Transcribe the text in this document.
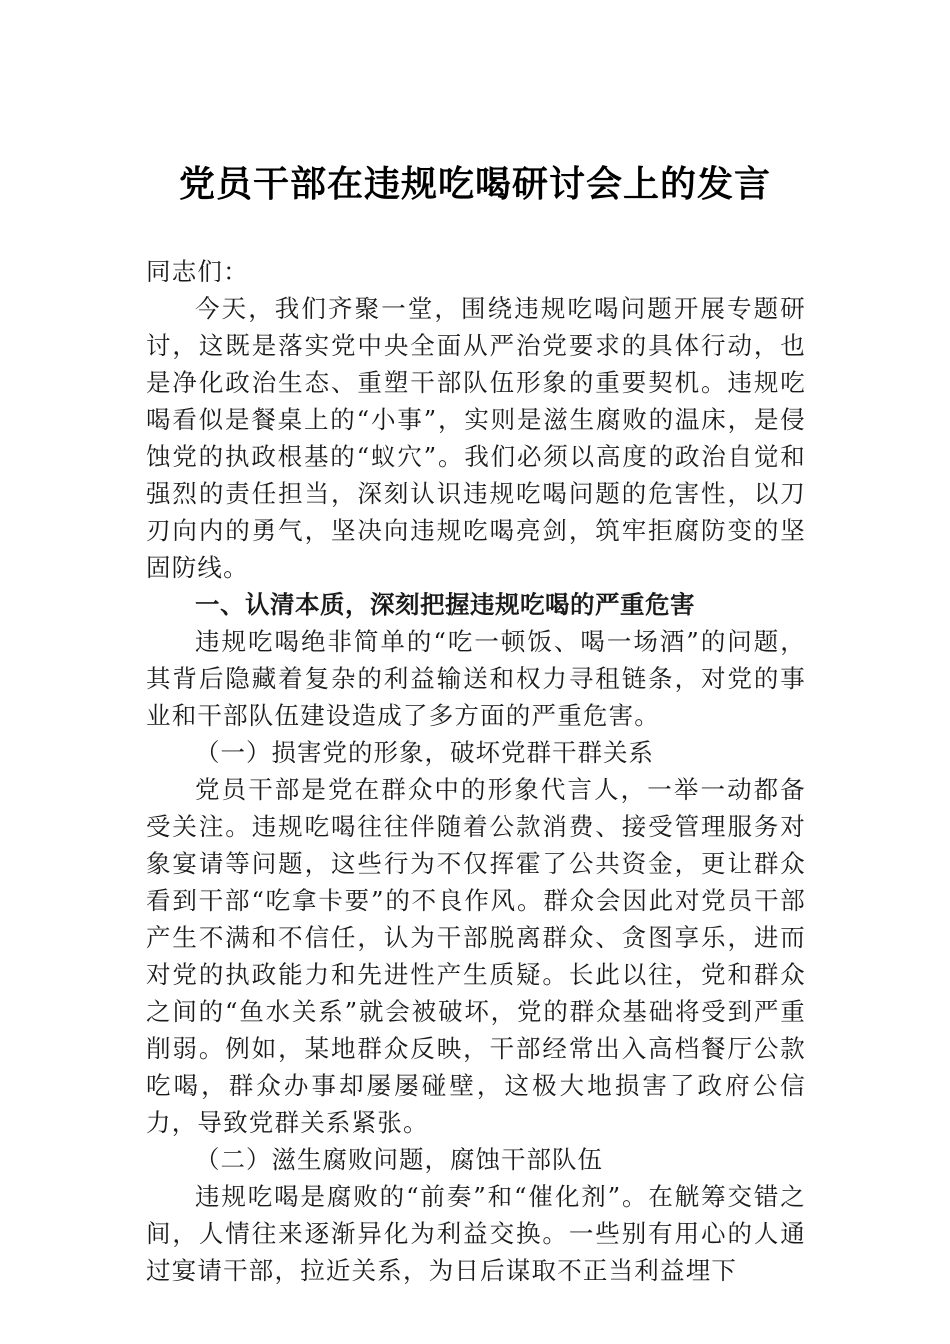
党员干部在违规吃喝研讨会上的发言

同志们：

今天，我们齐聚一堂，围绕违规吃喝问题开展专题研讨，这既是落实党中央全面从严治党要求的具体行动，也是净化政治生态、重塑干部队伍形象的重要契机。违规吃喝看似是餐桌上的“小事”，实则是滋生腐败的温床，是侵蚀党的执政根基的“蚁穴”。我们必须以高度的政治自觉和强烈的责任担当，深刻认识违规吃喝问题的危害性，以刀刃向内的勇气，坚决向违规吃喝亮剑，筑牢拒腐防变的坚固防线。

一、认清本质，深刻把握违规吃喝的严重危害

违规吃喝绝非简单的“吃一顿饭、喝一场酒”的问题，其背后隐藏着复杂的利益输送和权力寻租链条，对党的事业和干部队伍建设造成了多方面的严重危害。

（一）损害党的形象，破坏党群干群关系

党员干部是党在群众中的形象代言人，一举一动都备受关注。违规吃喝往往伴随着公款消费、接受管理服务对象宴请等问题，这些行为不仅挥霍了公共资金，更让群众看到干部“吃拿卡要”的不良作风。群众会因此对党员干部产生不满和不信任，认为干部脱离群众、贪图享乐，进而对党的执政能力和先进性产生质疑。长此以往，党和群众之间的“鱼水关系”就会被破坏，党的群众基础将受到严重削弱。例如，某地群众反映，干部经常出入高档餐厅公款吃喝，群众办事却屡屡碰壁，这极大地损害了政府公信力，导致党群关系紧张。

（二）滋生腐败问题，腐蚀干部队伍

违规吃喝是腐败的“前奏”和“催化剂”。在觥筹交错之间，人情往来逐渐异化为利益交换。一些别有用心的人通过宴请干部，拉近关系，为日后谋取不正当利益埋下
